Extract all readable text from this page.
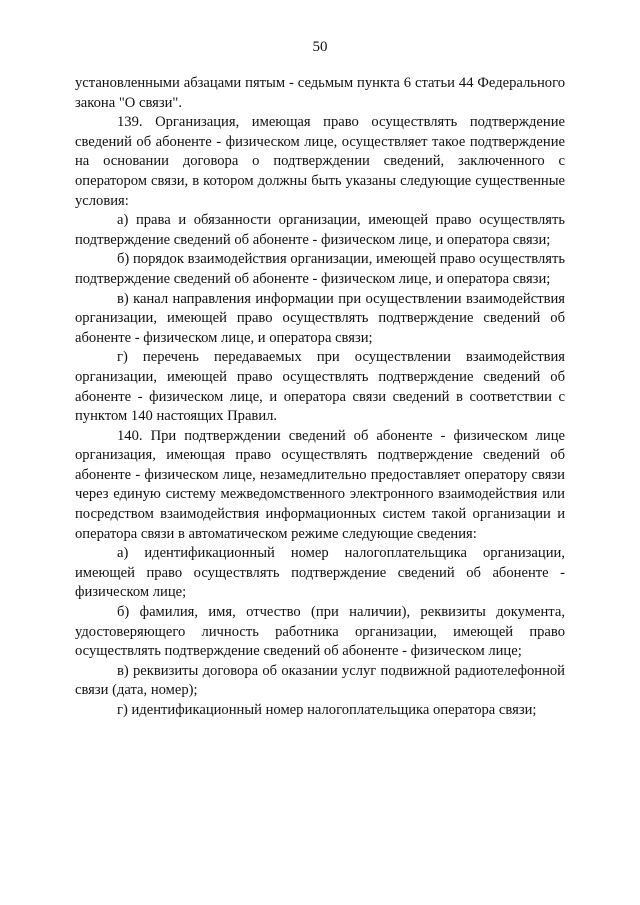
50

установленными абзацами пятым - седьмым пункта 6 статьи 44 Федерального закона "О связи".

139. Организация, имеющая право осуществлять подтверждение сведений об абоненте - физическом лице, осуществляет такое подтверждение на основании договора о подтверждении сведений, заключенного с оператором связи, в котором должны быть указаны следующие существенные условия:

а) права и обязанности организации, имеющей право осуществлять подтверждение сведений об абоненте - физическом лице, и оператора связи;

б) порядок взаимодействия организации, имеющей право осуществлять подтверждение сведений об абоненте - физическом лице, и оператора связи;

в) канал направления информации при осуществлении взаимодействия организации, имеющей право осуществлять подтверждение сведений об абоненте - физическом лице, и оператора связи;

г) перечень передаваемых при осуществлении взаимодействия организации, имеющей право осуществлять подтверждение сведений об абоненте - физическом лице, и оператора связи сведений в соответствии с пунктом 140 настоящих Правил.

140. При подтверждении сведений об абоненте - физическом лице организация, имеющая право осуществлять подтверждение сведений об абоненте - физическом лице, незамедлительно предоставляет оператору связи через единую систему межведомственного электронного взаимодействия или посредством взаимодействия информационных систем такой организации и оператора связи в автоматическом режиме следующие сведения:

а) идентификационный номер налогоплательщика организации, имеющей право осуществлять подтверждение сведений об абоненте - физическом лице;

б) фамилия, имя, отчество (при наличии), реквизиты документа, удостоверяющего личность работника организации, имеющей право осуществлять подтверждение сведений об абоненте - физическом лице;

в) реквизиты договора об оказании услуг подвижной радиотелефонной связи (дата, номер);

г) идентификационный номер налогоплательщика оператора связи;
